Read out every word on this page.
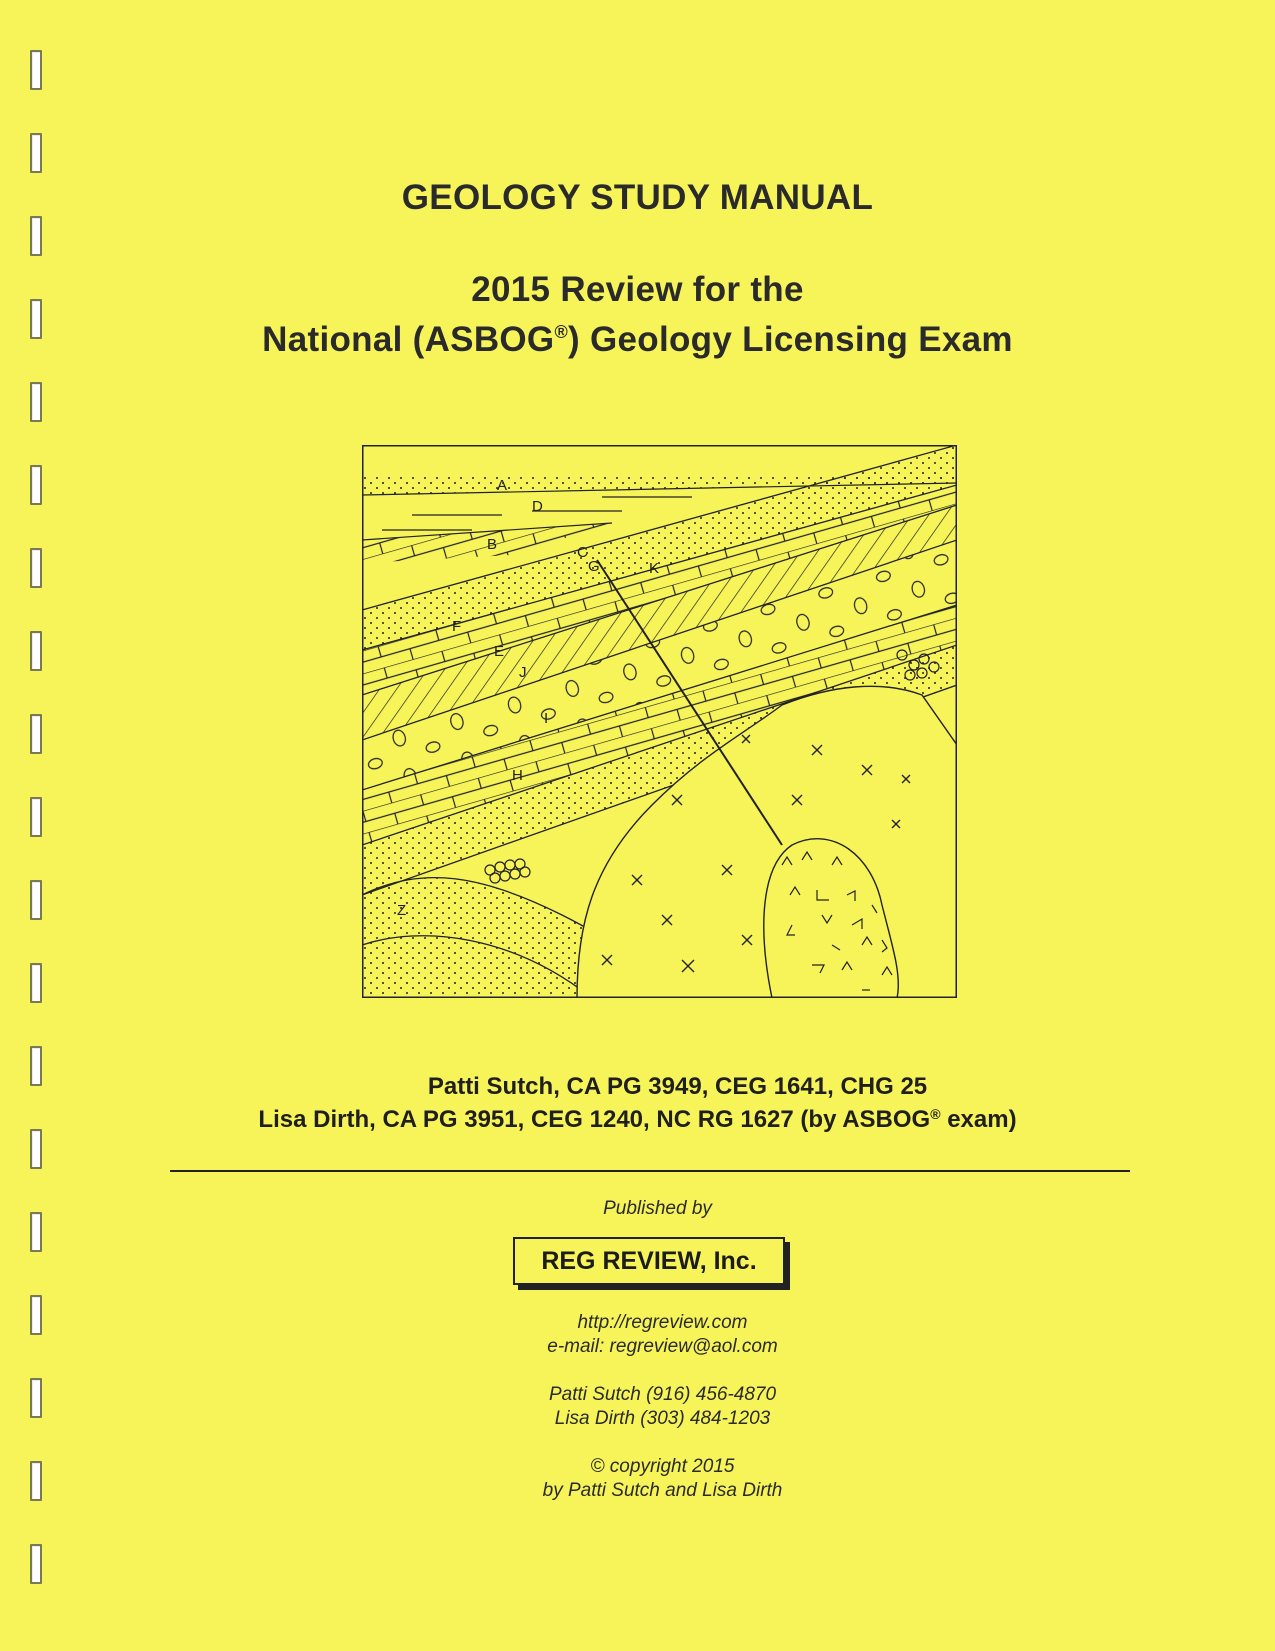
GEOLOGY STUDY MANUAL
2015 Review for the
National (ASBOG®) Geology Licensing Exam
A
D
B	C
G	K
F
E
J
I
H
Z
Patti Sutch, CA PG 3949, CEG 1641, CHG 25
Lisa Dirth, CA PG 3951, CEG 1240, NC RG 1627 (by ASBOG® exam)
Published by
REG REVIEW, Inc.
http://regreview.com
e-mail: regreview@aol.com
Patti Sutch (916) 456-4870
Lisa Dirth (303) 484-1203
© copyright 2015
by Patti Sutch and Lisa Dirth
